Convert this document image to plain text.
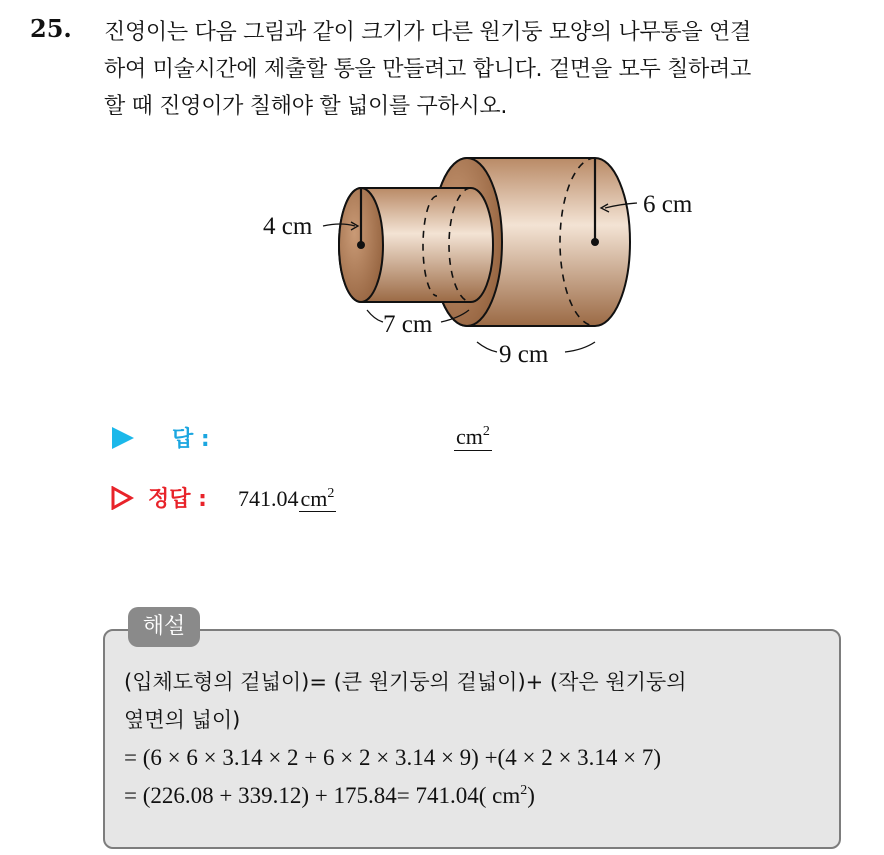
25. 진영이는 다음 그림과 같이 크기가 다른 원기둥 모양의 나무통을 연결
하여 미술시간에 제출할 통을 만들려고 합니다. 겉면을 모두 칠하려고
할 때 진영이가 칠해야 할 넓이를 구하시오.
4 cm
6 cm
7 cm
9 cm
답 :	$cm^2$
정답 : $741.04cm^2$
해설
(입체도형의 겉넓이)= (큰 원기둥의 겉넓이)+ (작은 원기둥의
옆면의 넓이)
= (6 × 6 × 3.14 × 2 + 6 × 2 × 3.14 × 9) +(4 × 2 × 3.14 × 7)
= (226.08 + 339.12) + 175.84= 741.04( $cm^2$)
